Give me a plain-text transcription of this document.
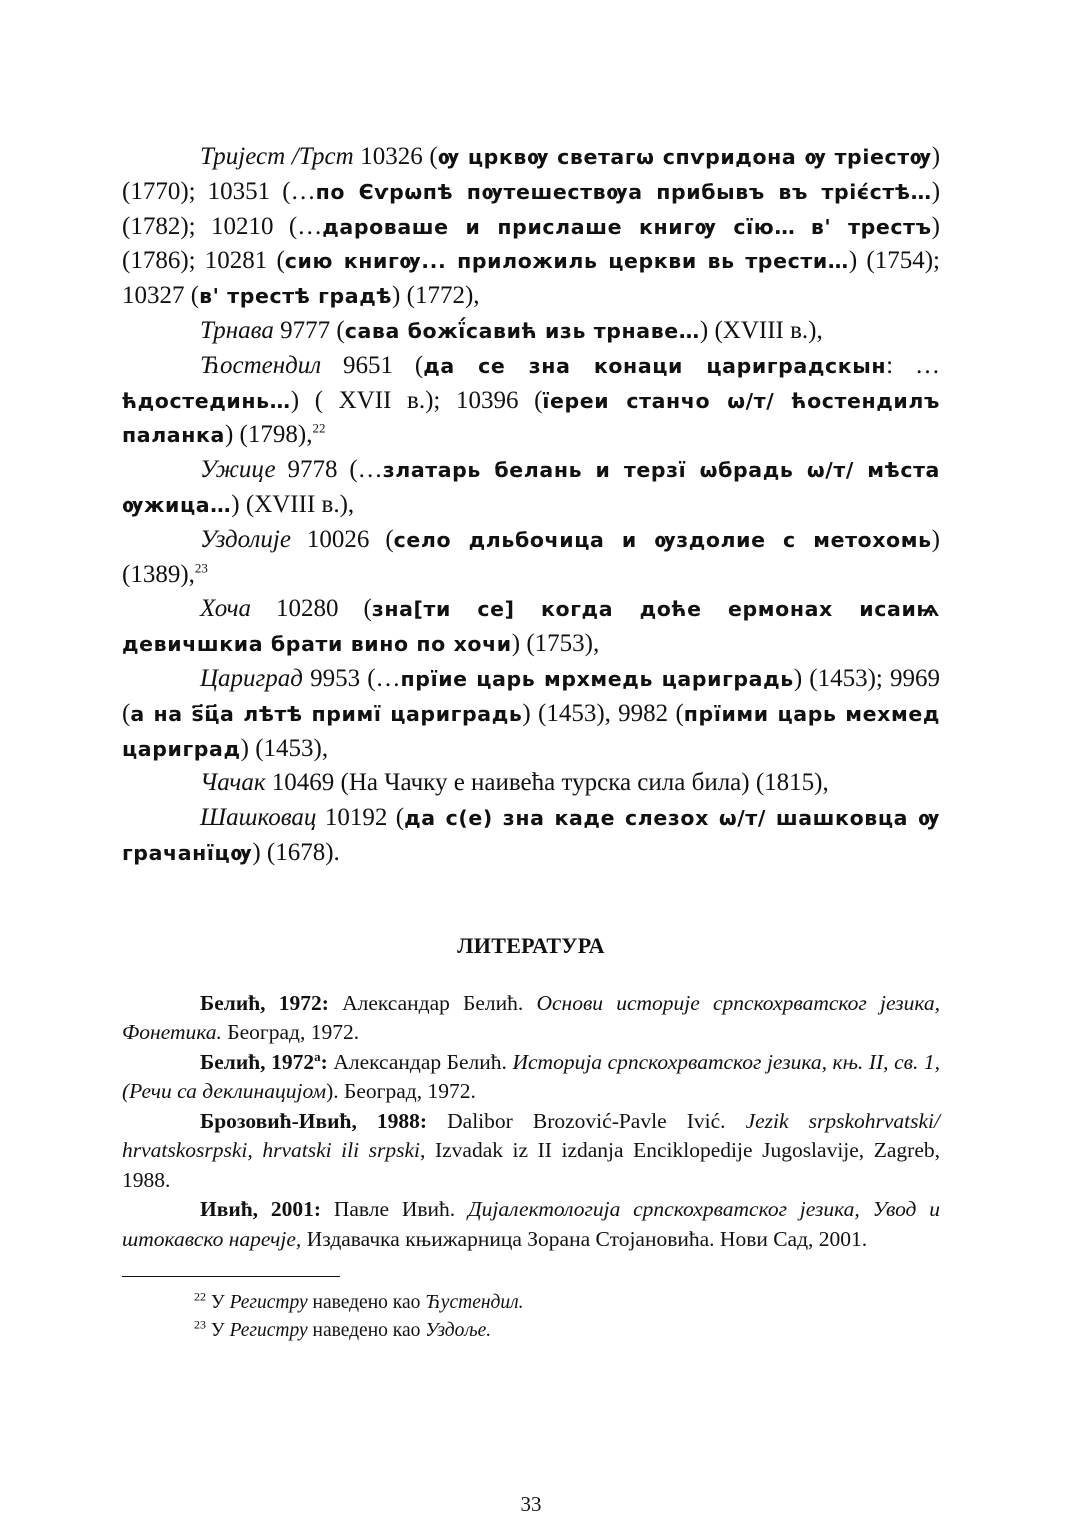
Тријест /Трст 10326 (ѹ црквѹ светагѡ спѵридона ѹ тріестѹ) (1770); 10351 (…по Єѵрѡпѣ пѹтешествѹа прибывъ въ тріє́стѣ…) (1782); 10210 (…дароваше и прислаше книгѹ сїю… в' трестъ) (1786); 10281 (сию книгѹ... приложиль церкви вь трести…) (1754); 10327 (в' трестѣ градѣ) (1772),

Трнава 9777 (сава божї́савић изь трнаве…) (XVIII в.),

Ћостендил 9651 (да се зна конаци цариградскын: …ћдостединь…) ( XVII в.); 10396 (їереи станчо ѡ/т/ ћостендилъ паланка) (1798),$^{22}$

Ужице 9778 (…златарь белань и терзї ѡбрадь ѡ/т/ мѣста ѹжица…) (XVIII в.),

Уздолије 10026 (село дльбочица и ѹздолие с метохомь) (1389),$^{23}$

Хоча 10280 (зна[ти се] когда доће ермонах исаиѩ девичшкиа брати вино по хочи) (1753),

Цариград 9953 (…прїие царь мрхмедь цариградь) (1453); 9969 (а на ѕ҃ц҃а лѣтѣ примї цариградь) (1453), 9982 (прїими царь мехмед цариград) (1453),

Чачак 10469 (На Чачку е наивећа турска сила била) (1815),

Шашковац 10192 (да с(е) зна каде слезох ѡ/т/ шашковца ѹ грачанїцѹ) (1678).

ЛИТЕРАТУРА

Белић, 1972: Александар Белић. Основи историје српскохрватског језика, Фонетика. Београд, 1972.

Белић, $1972^а$: Александар Белић. Историја српскохрватског језика, књ. II, св. 1, (Речи са деклинацијом). Београд, 1972.

Брозовић-Ивић, 1988: Dalibor Brozović-Pavle Ivić. Jezik srpskohrvatski/ hrvatskosrpski, hrvatski ili srpski, Izvadak iz II izdanja Enciklopedije Jugoslavije, Zagreb, 1988.

Ивић, 2001: Павле Ивић. Дијалектологија српскохрватског језика, Увод и штокавско наречје, Издавачка књижарница Зорана Стојановића. Нови Сад, 2001.

$^{22}$ У Регистру наведено као Ћустендил.

$^{23}$ У Регистру наведено као Уздоље.

33
